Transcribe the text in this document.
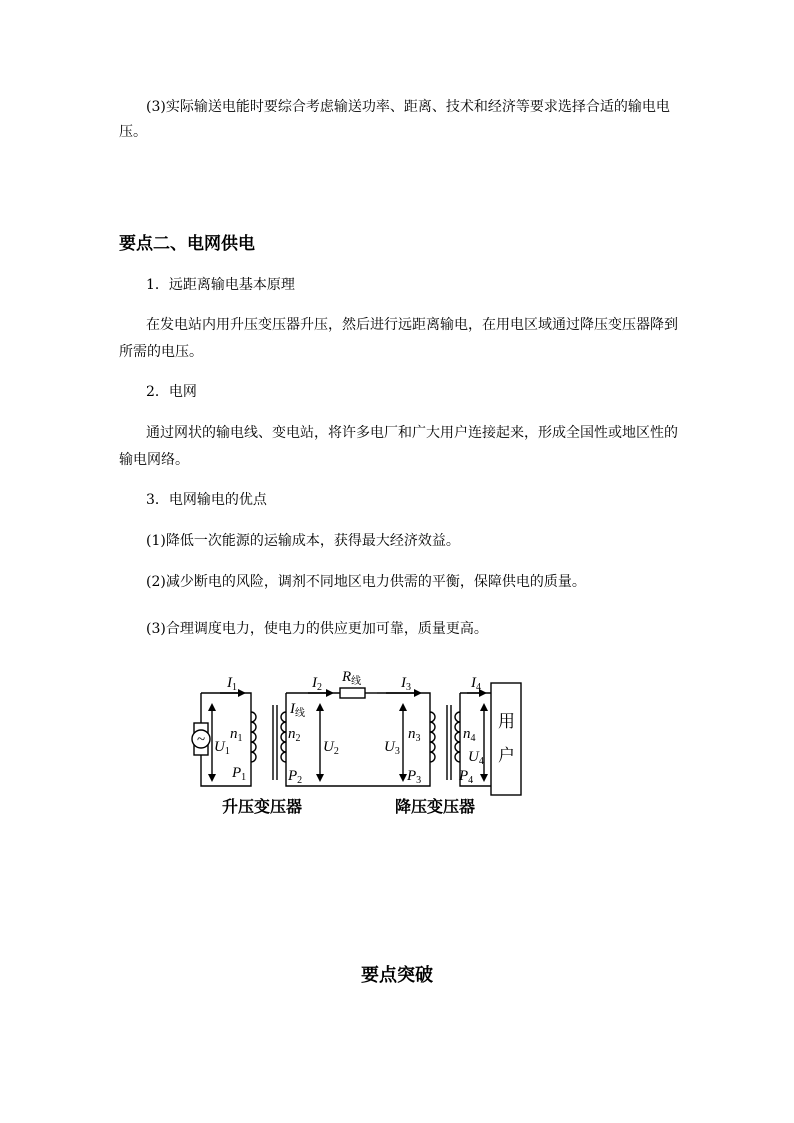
(3)实际输送电能时要综合考虑输送功率、距离、技术和经济等要求选择合适的输电电

压。

要点二、电网供电

1．远距离输电基本原理

在发电站内用升压变压器升压，然后进行远距离输电，在用电区域通过降压变压器降到

所需的电压。

2．电网

通过网状的输电线、变电站，将许多电厂和广大用户连接起来，形成全国性或地区性的

输电网络。

3．电网输电的优点

(1)降低一次能源的运输成本，获得最大经济效益。

(2)减少断电的风险，调剂不同地区电力供需的平衡，保障供电的质量。

(3)合理调度电力，使电力的供应更加可靠，质量更高。

~
$I_1$	$I_2$
$R_线$	$I_3$	$I_4$
$I_线$
$n_1$	$n_2$	$n_3$	$n_4$
$U_1$	$U_2$	$U_3$	$U_4$
$P_1$	$P_2$	$P_3$	$P_4$
用
户
升压变压器	降压变压器
要点突破
